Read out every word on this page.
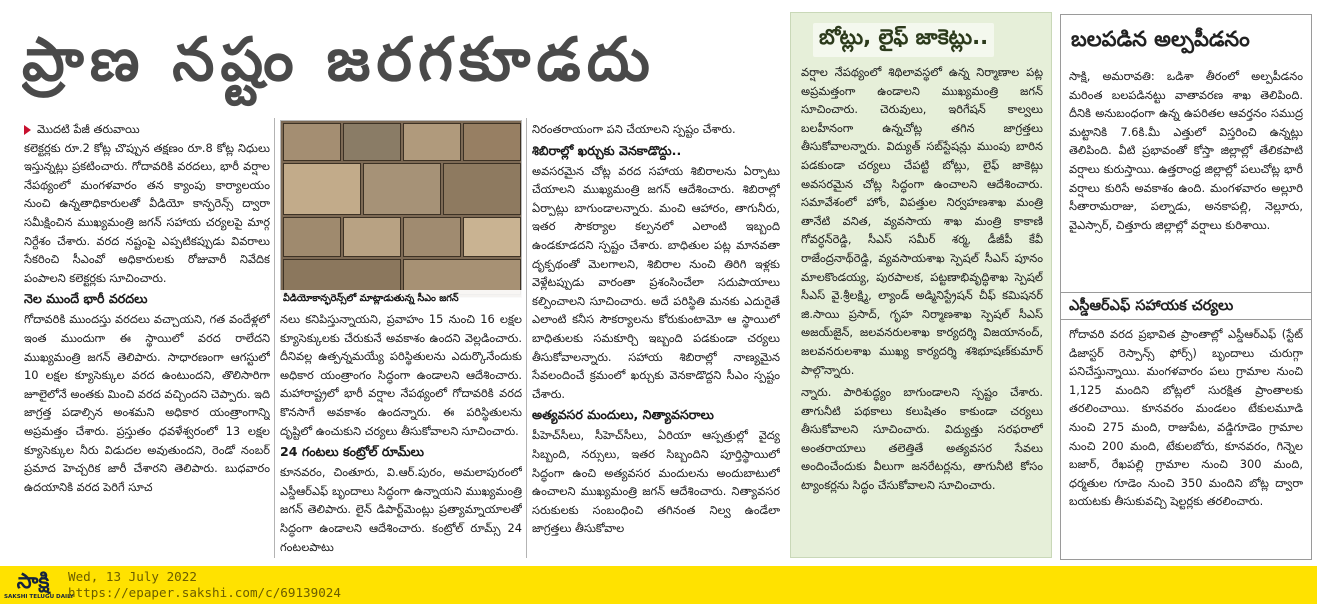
ప్రాణ నష్టం జరగకూడదు
మొదటి పేజీ తరువాయి

కలెక్టర్లకు రూ.2 కోట్ల చొప్పున తక్షణం రూ.8 కోట్ల నిధులు ఇస్తున్నట్లు ప్రకటించారు. గోదావరికి వరదలు, భారీ వర్షాల నేపథ్యంలో మంగళవారం తన క్యాంపు కార్యాలయం నుంచి ఉన్నతాధికారులతో వీడియో కాన్ఫరెన్స్ ద్వారా సమీక్షించిన ముఖ్యమంత్రి జగన్ సహాయ చర్యలపై మార్గ నిర్దేశం చేశారు. వరద నష్టంపై ఎప్పటికప్పుడు వివరాలు సేకరించి సీఎంవో అధికారులకు రోజువారీ నివేదిక పంపాలని కలెక్టర్లకు సూచించారు.

నెల ముందే భారీ వరదలు

గోదావరికి ముందస్తు వరదలు వచ్చాయని, గత వందేళ్లలో ఇంత ముందుగా ఈ స్థాయిలో వరద రాలేదని ముఖ్యమంత్రి జగన్ తెలిపారు. సాధారణంగా ఆగస్టులో 10 లక్షల క్యూసెక్కుల వరద ఉంటుందని, తొలిసారిగా జూలైలోనే అంతకు మించి వరద వచ్చిందని చెప్పారు. ఇది జాగ్రత్త పడాల్సిన అంశమని అధికార యంత్రాంగాన్ని అప్రమత్తం చేశారు. ప్రస్తుతం ధవళేశ్వరంలో 13 లక్షల క్యూసెక్కుల నీరు విడుదల అవుతుందని, రెండో నంబర్ ప్రమాద హెచ్చరిక జారీ చేశారని తెలిపారు. బుధవారం ఉదయానికి వరద పెరిగే సూచ

వీడియోకాన్ఫరెన్స్‌లో మాట్లాడుతున్న సీఎం జగన్

నలు కనిపిస్తున్నాయని, ప్రవాహం 15 నుంచి 16 లక్షల క్యూసెక్కులకు చేరుకునే అవకాశం ఉందని వెల్లడించారు. దీనివల్ల ఉత్పన్నమయ్యే పరిస్థితులను ఎదుర్కొనేందుకు అధికార యంత్రాంగం సిద్ధంగా ఉండాలని ఆదేశించారు. మహారాష్ట్రలో భారీ వర్షాల నేపథ్యంలో గోదావరికి వరద కొనసాగే అవకాశం ఉందన్నారు. ఈ పరిస్థితులను దృష్టిలో ఉంచుకుని చర్యలు తీసుకోవాలని సూచించారు.

24 గంటలు కంట్రోల్ రూమ్‌లు

కూనవరం, చింతూరు, వి.ఆర్.పురం, అమలాపురంలో ఎస్డీఆర్ఎఫ్ బృందాలు సిద్ధంగా ఉన్నాయని ముఖ్యమంత్రి జగన్ తెలిపారు. లైన్ డిపార్ట్‌మెంట్లు ప్రత్యామ్నాయాలతో సిద్ధంగా ఉండాలని ఆదేశించారు. కంట్రోల్ రూమ్స్ 24 గంటలపాటు

నిరంతరాయంగా పని చేయాలని స్పష్టం చేశారు.

శిబిరాల్లో ఖర్చుకు వెనకాడొద్దు..

అవసరమైన చోట్ల వరద సహాయ శిబిరాలను ఏర్పాటు చేయాలని ముఖ్యమంత్రి జగన్ ఆదేశించారు. శిబిరాల్లో ఏర్పాట్లు బాగుండాలన్నారు. మంచి ఆహారం, తాగునీరు, ఇతర సౌకర్యాల కల్పనలో ఎలాంటి ఇబ్బంది ఉండకూడదని స్పష్టం చేశారు. బాధితుల పట్ల మానవతా దృక్పథంతో మెలగాలని, శిబిరాల నుంచి తిరిగి ఇళ్లకు వెళ్లేటప్పుడు వారంతా ప్రశంసించేలా సదుపాయాలు కల్పించాలని సూచించారు. అదే పరిస్థితి మనకు ఎదురైతే ఎలాంటి కనీస సౌకర్యాలను కోరుకుంటామో ఆ స్థాయిలో బాధితులకు సమకూర్చి ఇబ్బంది పడకుండా చర్యలు తీసుకోవాలన్నారు. సహాయ శిబిరాల్లో నాణ్యమైన సేవలందించే క్రమంలో ఖర్చుకు వెనకాడొద్దని సీఎం స్పష్టం చేశారు.

అత్యవసర మందులు, నిత్యావసరాలు

పీహెచ్‌సీలు, సీహెచ్‌సీలు, ఏరియా ఆస్పత్రుల్లో వైద్య సిబ్బంది, నర్సులు, ఇతర సిబ్బందిని పూర్తిస్థాయిలో సిద్ధంగా ఉంచి అత్యవసర మందులను అందుబాటులో ఉంచాలని ముఖ్యమంత్రి జగన్ ఆదేశించారు. నిత్యావసర సరుకులకు సంబంధించి తగినంత నిల్వ ఉండేలా జాగ్రత్తలు తీసుకోవాల

బోట్లు, లైఫ్ జాకెట్లు..

వర్షాల నేపథ్యంలో శిథిలావస్థలో ఉన్న నిర్మాణాల పట్ల అప్రమత్తంగా ఉండాలని ముఖ్యమంత్రి జగన్ సూచించారు. చెరువులు, ఇరిగేషన్ కాల్వలు బలహీనంగా ఉన్నచోట్ల తగిన జాగ్రత్తలు తీసుకోవాలన్నారు. విద్యుత్ సబ్‌స్టేషన్లు ముంపు బారిన పడకుండా చర్యలు చేపట్టి బోట్లు, లైఫ్ జాకెట్లు అవసరమైన చోట్ల సిద్ధంగా ఉంచాలని ఆదేశించారు. సమావేశంలో హోం, విపత్తుల నిర్వహణశాఖ మంత్రి తానేటి వనిత, వ్యవసాయ శాఖ మంత్రి కాకాణి గోవర్ధన్‌రెడ్డి, సీఎస్ సమీర్ శర్మ, డీజీపీ కేవీ రాజేంద్రనాథ్‌రెడ్డి, వ్యవసాయశాఖ స్పెషల్ సీఎస్ పూనం మాలకొండయ్య, పురపాలక, పట్టణాభివృద్ధిశాఖ స్పెషల్ సీఎస్ వై.శ్రీలక్ష్మి, ల్యాండ్ అడ్మినిస్ట్రేషన్ చీఫ్ కమిషనర్ జి.సాయి ప్రసాద్, గృహ నిర్మాణశాఖ స్పెషల్ సీఎస్ అజయ్‌జైన్, జలవనరులశాఖ కార్యదర్శి విజయానంద్, జలవనరులశాఖ ముఖ్య కార్యదర్శి శశిభూషణ్‌కుమార్ పాల్గొన్నారు.

న్నారు. పారిశుద్ధ్యం బాగుండాలని స్పష్టం చేశారు. తాగునీటి పథకాలు కలుషితం కాకుండా చర్యలు తీసుకోవాలని సూచించారు. విద్యుత్తు సరఫరాలో అంతరాయాలు తలెత్తితే అత్యవసర సేవలు అందించేందుకు వీలుగా జనరేటర్లను, తాగునీటి కోసం ట్యాంకర్లను సిద్ధం చేసుకోవాలని సూచించారు.

బలపడిన అల్పపీడనం

సాక్షి, అమరావతి: ఒడిశా తీరంలో అల్పపీడనం మరింత బలపడినట్టు వాతావరణ శాఖ తెలిపింది. దీనికి అనుబంధంగా ఉన్న ఉపరితల ఆవర్తనం సముద్ర మట్టానికి 7.6కి.మీ ఎత్తులో విస్తరించి ఉన్నట్లు తెలిపింది. వీటి ప్రభావంతో కోస్తా జిల్లాల్లో తేలికపాటి వర్షాలు కురుస్తాయి. ఉత్తరాంధ్ర జిల్లాల్లో పలుచోట్ల భారీ వర్షాలు కురిసే అవకాశం ఉంది. మంగళవారం అల్లూరి సీతారామరాజు, పల్నాడు, అనకాపల్లి, నెల్లూరు, వైఎస్సార్, చిత్తూరు జిల్లాల్లో వర్షాలు కురిశాయి.

ఎస్డీఆర్ఎఫ్ సహాయక చర్యలు

గోదావరి వరద ప్రభావిత ప్రాంతాల్లో ఎస్డీఆర్ఎఫ్ (స్టేట్ డిజాస్టర్ రెస్పాన్స్ ఫోర్స్) బృందాలు చురుగ్గా పనిచేస్తున్నాయి. మంగళవారం పలు గ్రామాల నుంచి 1,125 మందిని బోట్లలో సురక్షిత ప్రాంతాలకు తరలించాయి. కూనవరం మండలం టేకులమూడి నుంచి 275 మంది, రాజుపేట, వడ్డిగూడెం గ్రామాల నుంచి 200 మంది, టేకులబోరు, కూనవరం, గిన్నెల బజార్, రేఖపల్లి గ్రామాల నుంచి 300 మంది, ధర్మతుల గూడెం నుంచి 350 మందిని బోట్ల ద్వారా బయటకు తీసుకువచ్చి షెల్టర్లకు తరలించారు.

సాక్షి
SAKSHI TELUGU DAILY
Wed, 13 July 2022
https://epaper.sakshi.com/c/69139024
